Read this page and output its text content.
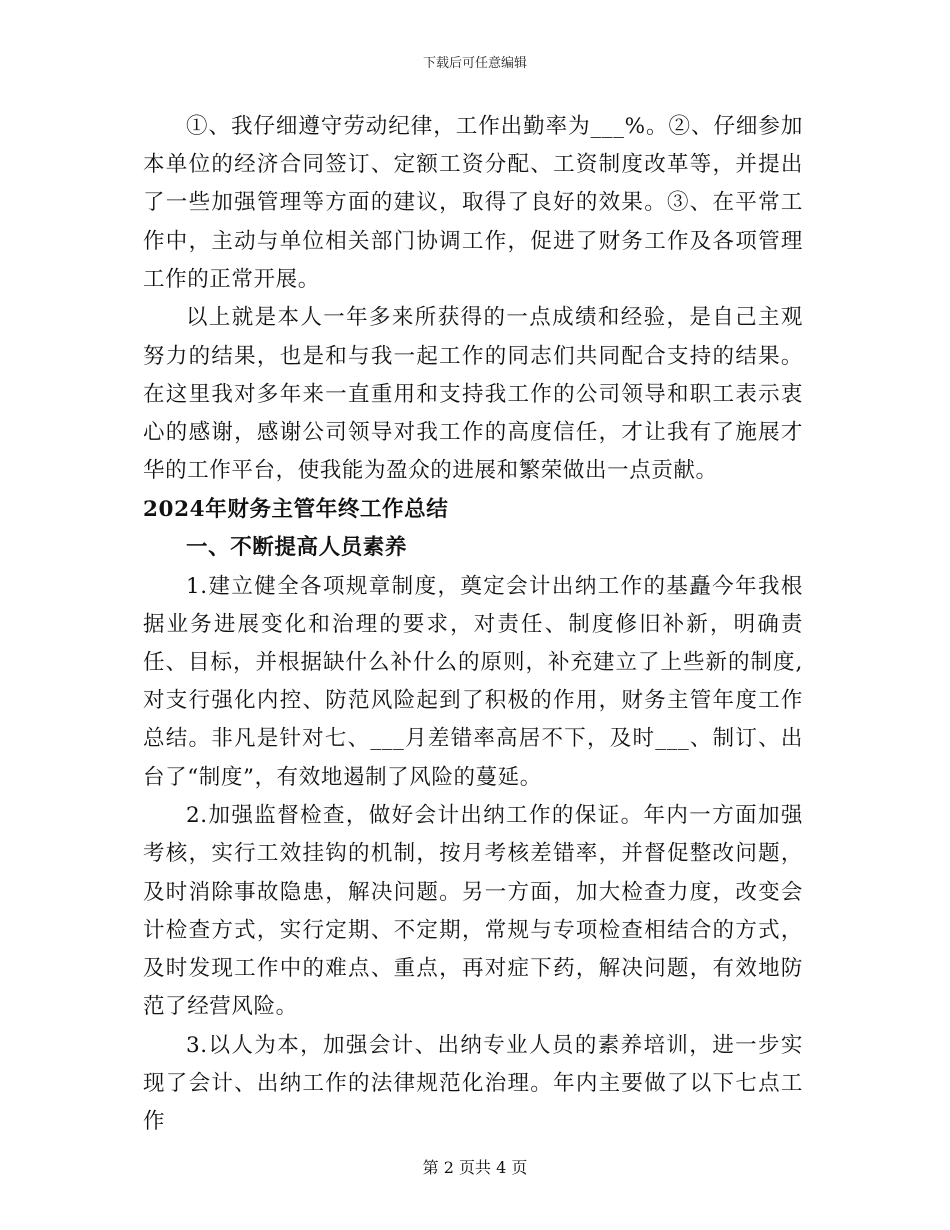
下载后可任意编辑

①、我仔细遵守劳动纪律，工作出勤率为___%。②、仔细参加本单位的经济合同签订、定额工资分配、工资制度改革等，并提出了一些加强管理等方面的建议，取得了良好的效果。③、在平常工作中，主动与单位相关部门协调工作，促进了财务工作及各项管理工作的正常开展。

以上就是本人一年多来所获得的一点成绩和经验，是自己主观努力的结果，也是和与我一起工作的同志们共同配合支持的结果。在这里我对多年来一直重用和支持我工作的公司领导和职工表示衷心的感谢，感谢公司领导对我工作的高度信任，才让我有了施展才华的工作平台，使我能为盈众的进展和繁荣做出一点贡献。

2024年财务主管年终工作总结

一、不断提高人员素养

1.建立健全各项规章制度，奠定会计出纳工作的基矗今年我根据业务进展变化和治理的要求，对责任、制度修旧补新，明确责任、目标，并根据缺什么补什么的原则，补充建立了上些新的制度,对支行强化内控、防范风险起到了积极的作用，财务主管年度工作总结。非凡是针对七、___月差错率高居不下，及时___、制订、出台了“制度”，有效地遏制了风险的蔓延。

2.加强监督检查，做好会计出纳工作的保证。年内一方面加强考核，实行工效挂钩的机制，按月考核差错率，并督促整改问题，及时消除事故隐患，解决问题。另一方面，加大检查力度，改变会计检查方式，实行定期、不定期，常规与专项检查相结合的方式，及时发现工作中的难点、重点，再对症下药，解决问题，有效地防范了经营风险。

3.以人为本，加强会计、出纳专业人员的素养培训，进一步实现了会计、出纳工作的法律规范化治理。年内主要做了以下七点工作

第 2 页共 4 页
